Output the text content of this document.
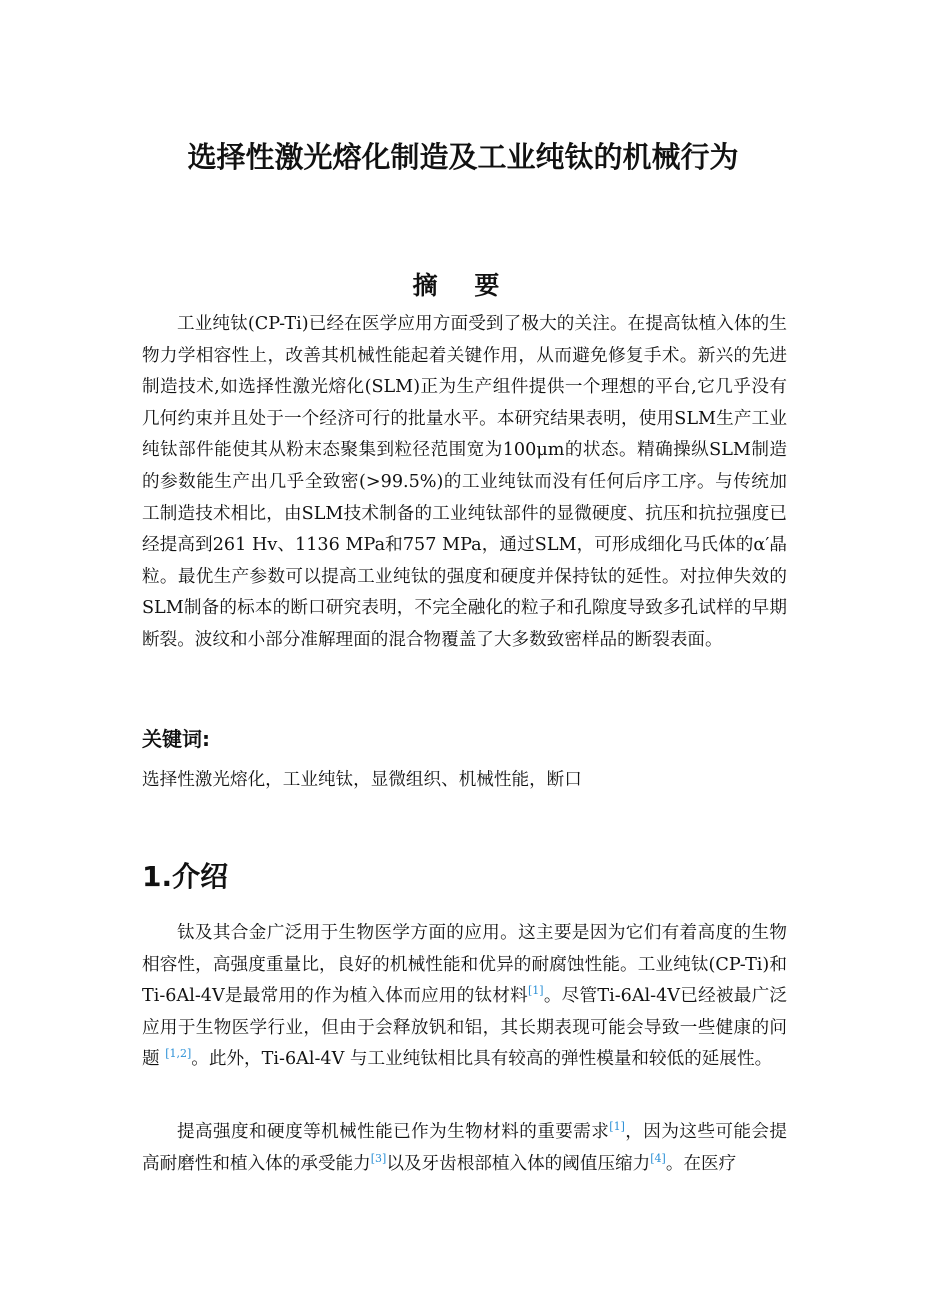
选择性激光熔化制造及工业纯钛的机械行为
摘 要

工业纯钛(CP-Ti)已经在医学应用方面受到了极大的关注。在提高钛植入体的生物力学相容性上，改善其机械性能起着关键作用，从而避免修复手术。新兴的先进制造技术,如选择性激光熔化(SLM)正为生产组件提供一个理想的平台,它几乎没有几何约束并且处于一个经济可行的批量水平。本研究结果表明，使用SLM生产工业纯钛部件能使其从粉末态聚集到粒径范围宽为100μm的状态。精确操纵SLM制造的参数能生产出几乎全致密(>99.5%)的工业纯钛而没有任何后序工序。与传统加工制造技术相比，由SLM技术制备的工业纯钛部件的显微硬度、抗压和抗拉强度已经提高到261 Hv、1136 MPa和757 MPa，通过SLM，可形成细化马氏体的α′晶粒。最优生产参数可以提高工业纯钛的强度和硬度并保持钛的延性。对拉伸失效的SLM制备的标本的断口研究表明，不完全融化的粒子和孔隙度导致多孔试样的早期断裂。波纹和小部分准解理面的混合物覆盖了大多数致密样品的断裂表面。

关键词:

选择性激光熔化，工业纯钛，显微组织、机械性能，断口

1.介绍

钛及其合金广泛用于生物医学方面的应用。这主要是因为它们有着高度的生物相容性，高强度重量比，良好的机械性能和优异的耐腐蚀性能。工业纯钛(CP-Ti)和Ti-6Al-4V是最常用的作为植入体而应用的钛材料[1]。尽管Ti-6Al-4V已经被最广泛应用于生物医学行业，但由于会释放钒和铝，其长期表现可能会导致一些健康的问题 [1,2]。此外，Ti-6Al-4V 与工业纯钛相比具有较高的弹性模量和较低的延展性。

提高强度和硬度等机械性能已作为生物材料的重要需求[1]，因为这些可能会提高耐磨性和植入体的承受能力[3]以及牙齿根部植入体的阈值压缩力[4]。在医疗
